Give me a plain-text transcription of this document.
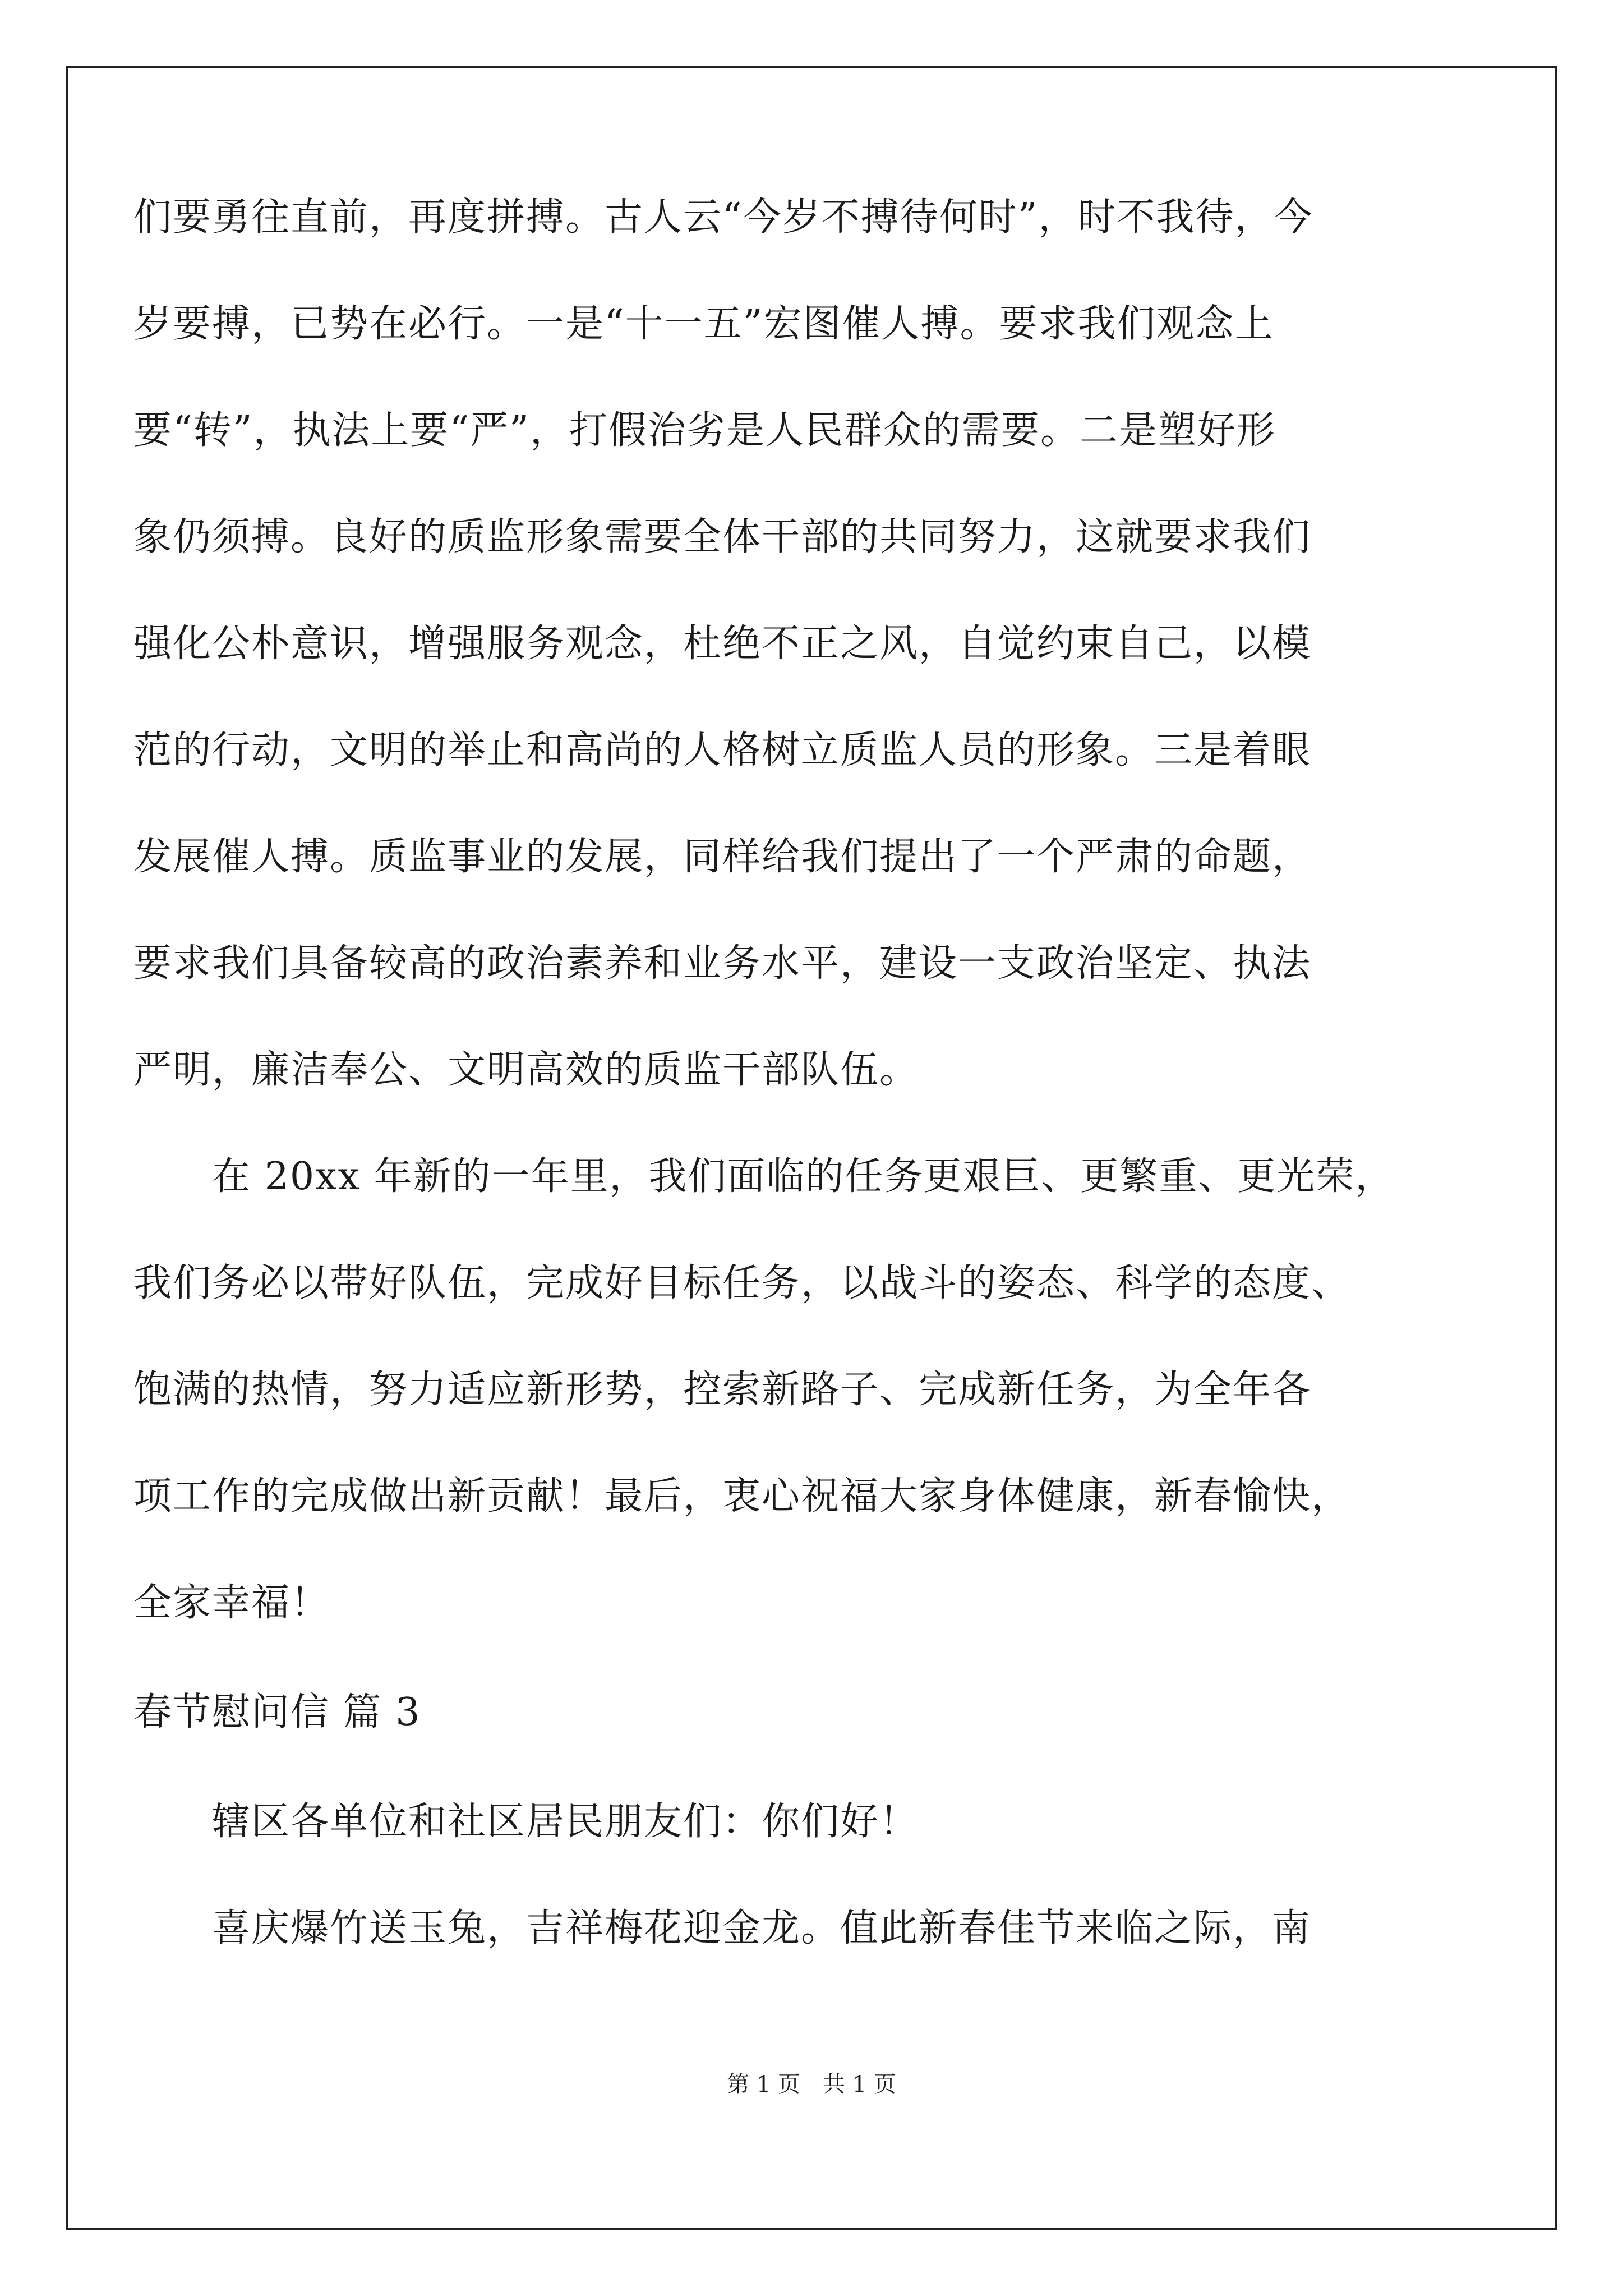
们要勇往直前，再度拼搏。古人云“今岁不搏待何时”，时不我待，今
岁要搏，已势在必行。一是“十一五”宏图催人搏。要求我们观念上
要“转”，执法上要“严”，打假治劣是人民群众的需要。二是塑好形
象仍须搏。良好的质监形象需要全体干部的共同努力，这就要求我们
强化公朴意识，增强服务观念，杜绝不正之风，自觉约束自己，以模
范的行动，文明的举止和高尚的人格树立质监人员的形象。三是着眼
发展催人搏。质监事业的发展，同样给我们提出了一个严肃的命题，
要求我们具备较高的政治素养和业务水平，建设一支政治坚定、执法
严明，廉洁奉公、文明高效的质监干部队伍。
在 20xx 年新的一年里，我们面临的任务更艰巨、更繁重、更光荣，
我们务必以带好队伍，完成好目标任务，以战斗的姿态、科学的态度、
饱满的热情，努力适应新形势，控索新路子、完成新任务，为全年各
项工作的完成做出新贡献！最后，衷心祝福大家身体健康，新春愉快，
全家幸福！
春节慰问信 篇 3
辖区各单位和社区居民朋友们：你们好！
喜庆爆竹送玉兔，吉祥梅花迎金龙。值此新春佳节来临之际，南
第 1 页　共 1 页
